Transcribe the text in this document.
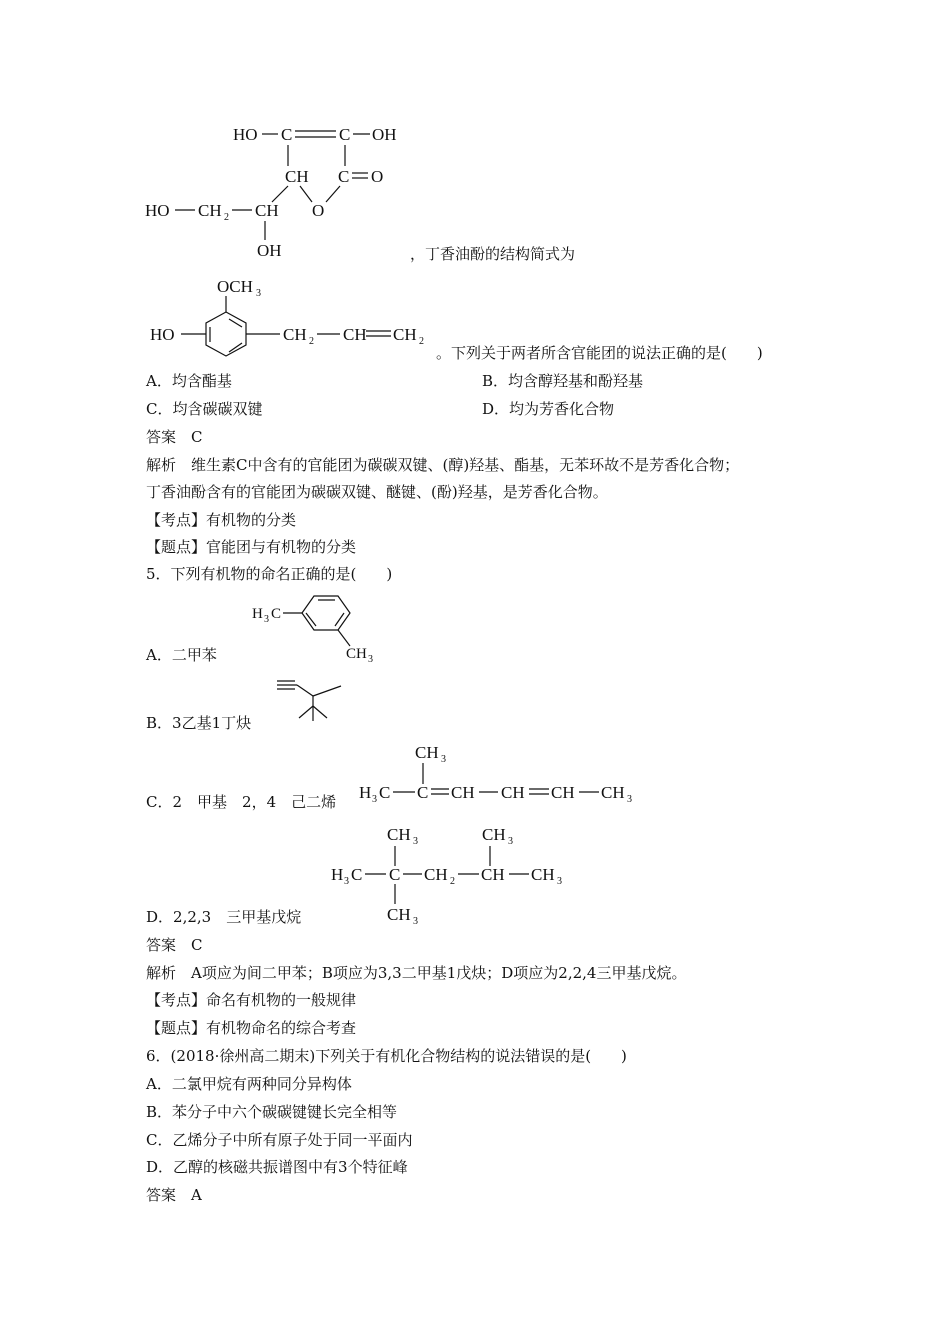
HO C	C OH
CH C O
O
HO CH 2 CH
OH	，丁香油酚的结构简式为
OCH 3
HO	CH 2 CH CH 2
。下列关于两者所含官能团的说法正确的是(　　)
A．均含酯基	B．均含醇羟基和酚羟基
C．均含碳碳双键	D．均为芳香化合物
答案　C
解析　维生素C中含有的官能团为碳碳双键、(醇)羟基、酯基，无苯环故不是芳香化合物；
丁香油酚含有的官能团为碳碳双键、醚键、(酚)羟基，是芳香化合物。
【考点】有机物的分类
【题点】官能团与有机物的分类
5．下列有机物的命名正确的是(　　)
H 3 C
CH 3
A．二甲苯
B．3乙基1丁炔
CH 3
H 3 C C CH CH CH CH 3
C．2　甲基　2，4　己二烯
CH 3	CH 3
H 3 C C CH 2 CH CH 3
CH 3
D．2,2,3　三甲基戊烷
答案　C
解析　A项应为间二甲苯；B项应为3,3二甲基1戊炔；D项应为2,2,4三甲基戊烷。
【考点】命名有机物的一般规律
【题点】有机物命名的综合考查
6．(2018·徐州高二期末)下列关于有机化合物结构的说法错误的是(　　)
A．二氯甲烷有两种同分异构体
B．苯分子中六个碳碳键键长完全相等
C．乙烯分子中所有原子处于同一平面内
D．乙醇的核磁共振谱图中有3个特征峰
答案　A
